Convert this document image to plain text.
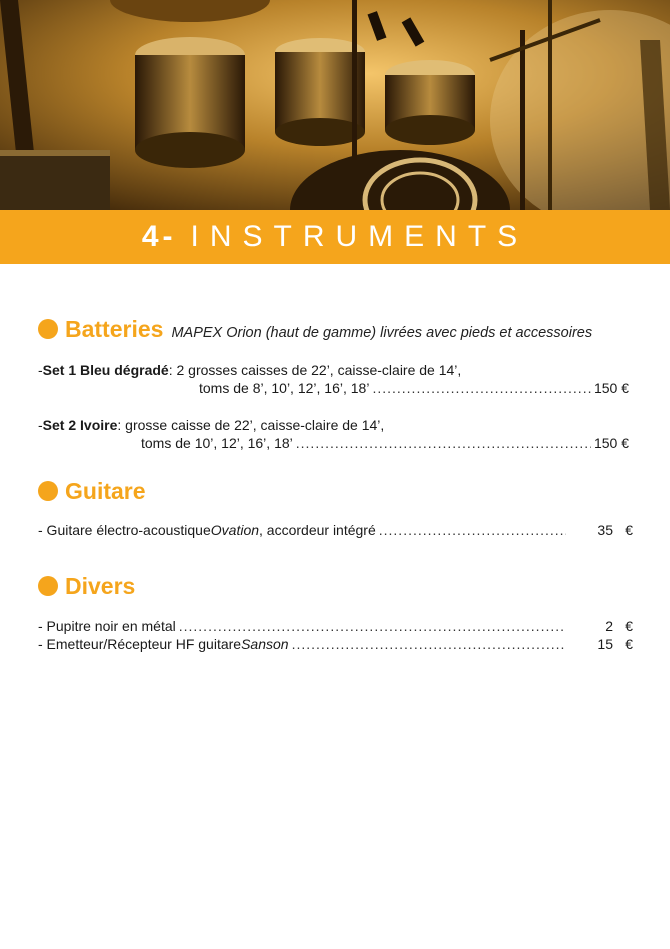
4- INSTRUMENTS
Batteries MAPEX Orion (haut de gamme) livrées avec pieds et accessoires
- Set 1 Bleu dégradé : 2 grosses caisses de 22’, caisse-claire de 14’,
toms de 8’, 10’, 12’, 16’, 18’ .....	150 €
- Set 2 Ivoire : grosse caisse de 22’, caisse-claire de 14’,
toms de 10’, 12’, 16’, 18’ .....	150 €
Guitare
- Guitare électro-acoustique Ovation , accordeur intégré .....	35 €
Divers
- Pupitre noir en métal .....	2 €
- Emetteur/Récepteur HF guitare Sanson .....	15 €
